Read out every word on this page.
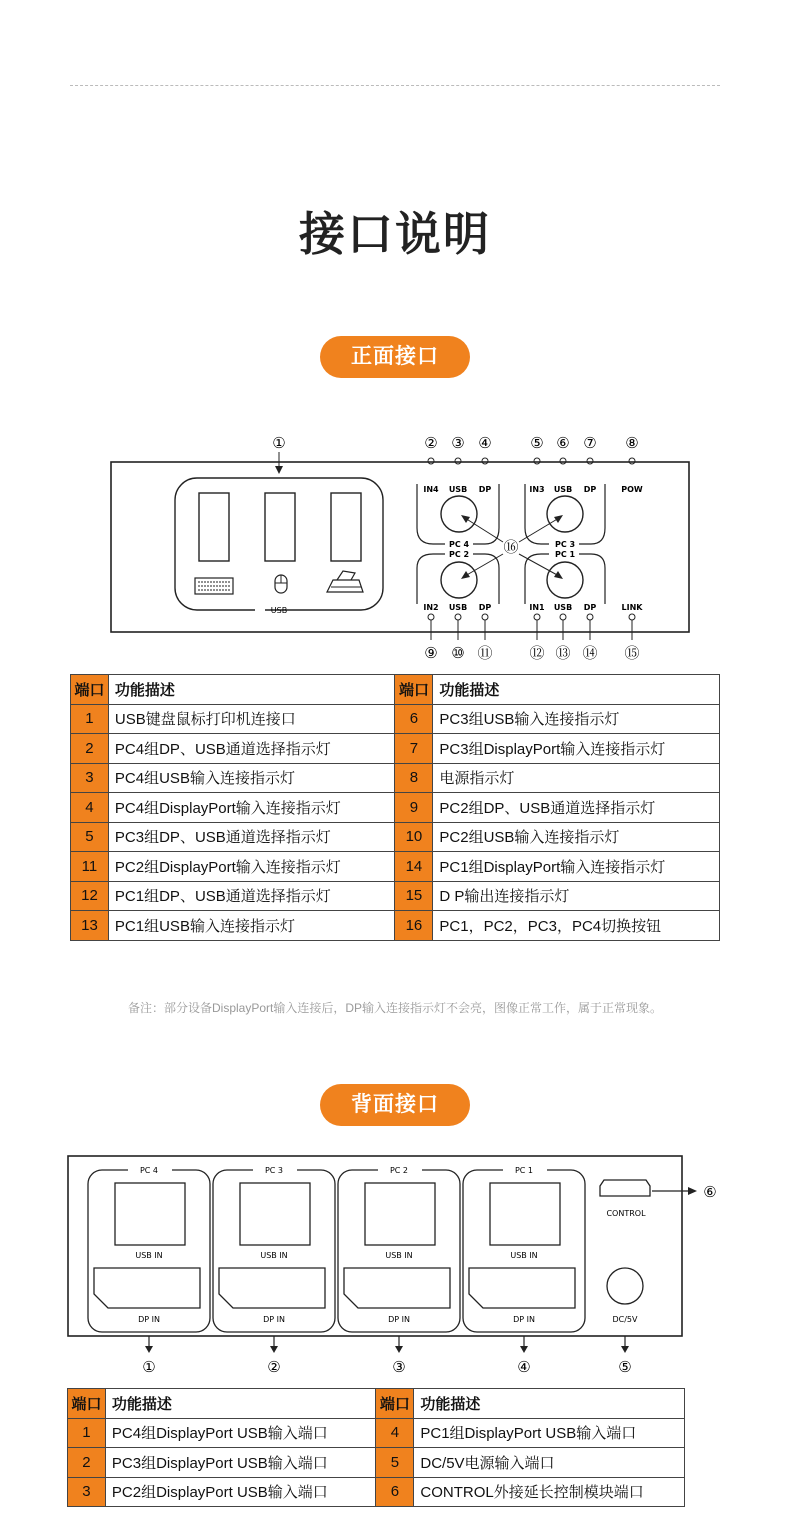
接口说明
正面接口
USB
①	② ③ ④	⑤ ⑥ ⑦ ⑧
IN4 USB DP	IN3 USB DP	POW
PC 4	PC 3
PC 2	PC 1
⑯
IN2 USB DP	IN1 USB DP	LINK
⑨ ⑩ ⑪ ⑫ ⑬ ⑭ ⑮
端口	功能描述	端口	功能描述
1	USB键盘鼠标打印机连接口	6	PC3组USB输入连接指示灯
2	PC4组DP、USB通道选择指示灯	7	PC3组DisplayPort输入连接指示灯
3	PC4组USB输入连接指示灯	8	电源指示灯
4	PC4组DisplayPort输入连接指示灯	9	PC2组DP、USB通道选择指示灯
5	PC3组DP、USB通道选择指示灯	10	PC2组USB输入连接指示灯
11	PC2组DisplayPort输入连接指示灯	14	PC1组DisplayPort输入连接指示灯
12	PC1组DP、USB通道选择指示灯	15	D P输出连接指示灯
13	PC1组USB输入连接指示灯	16	PC1，PC2，PC3，PC4切换按钮
备注：部分设备DisplayPort输入连接后，DP输入连接指示灯不会亮，图像正常工作，属于正常现象。
背面接口
PC 4	PC 3	PC 2	PC 1
USB IN	USB IN	USB IN	USB IN
DP IN	DP IN	DP IN	DP IN
CONTROL
⑥
DC/5V
①	②	③	④	⑤
端口	功能描述	端口	功能描述
1	PC4组DisplayPort USB输入端口	4	PC1组DisplayPort USB输入端口
2	PC3组DisplayPort USB输入端口	5	DC/5V电源输入端口
3	PC2组DisplayPort USB输入端口	6	CONTROL外接延长控制模块端口
